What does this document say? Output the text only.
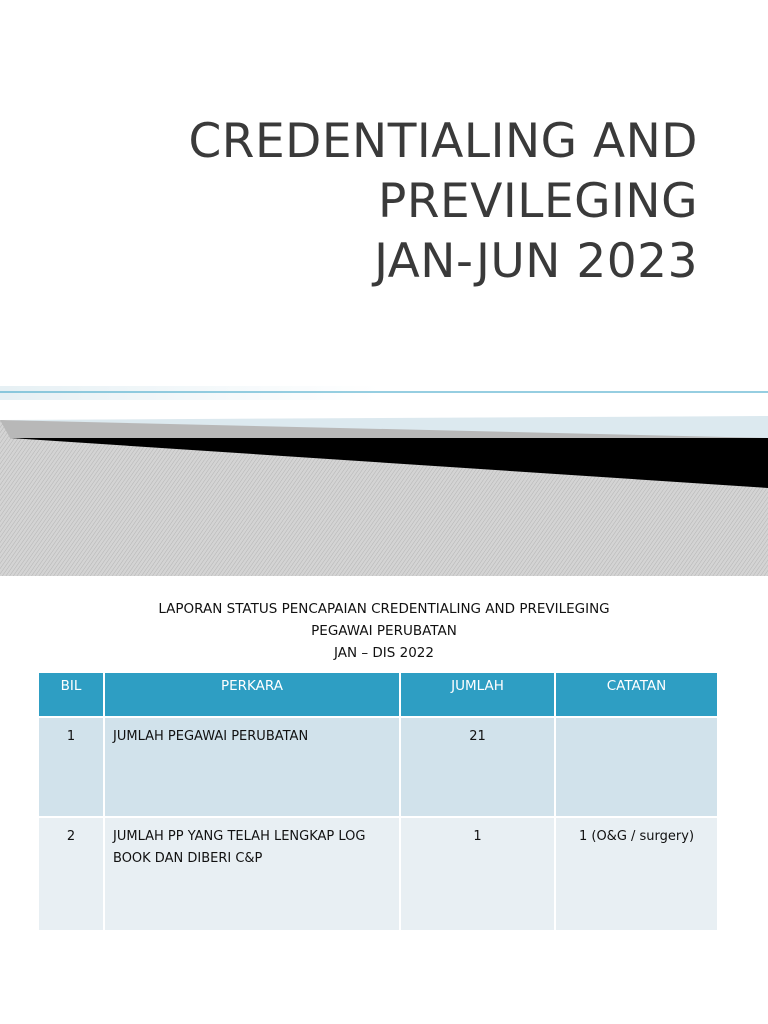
CREDENTIALING AND
PREVILEGING
JAN-JUN 2023
LAPORAN STATUS PENCAPAIAN CREDENTIALING AND PREVILEGING
PEGAWAI PERUBATAN
JAN – DIS 2022
BIL	PERKARA	JUMLAH	CATATAN
1	JUMLAH PEGAWAI PERUBATAN	21	
2	JUMLAH PP YANG TELAH LENGKAP LOG BOOK DAN DIBERI C&P	1	1 (O&G / surgery)
